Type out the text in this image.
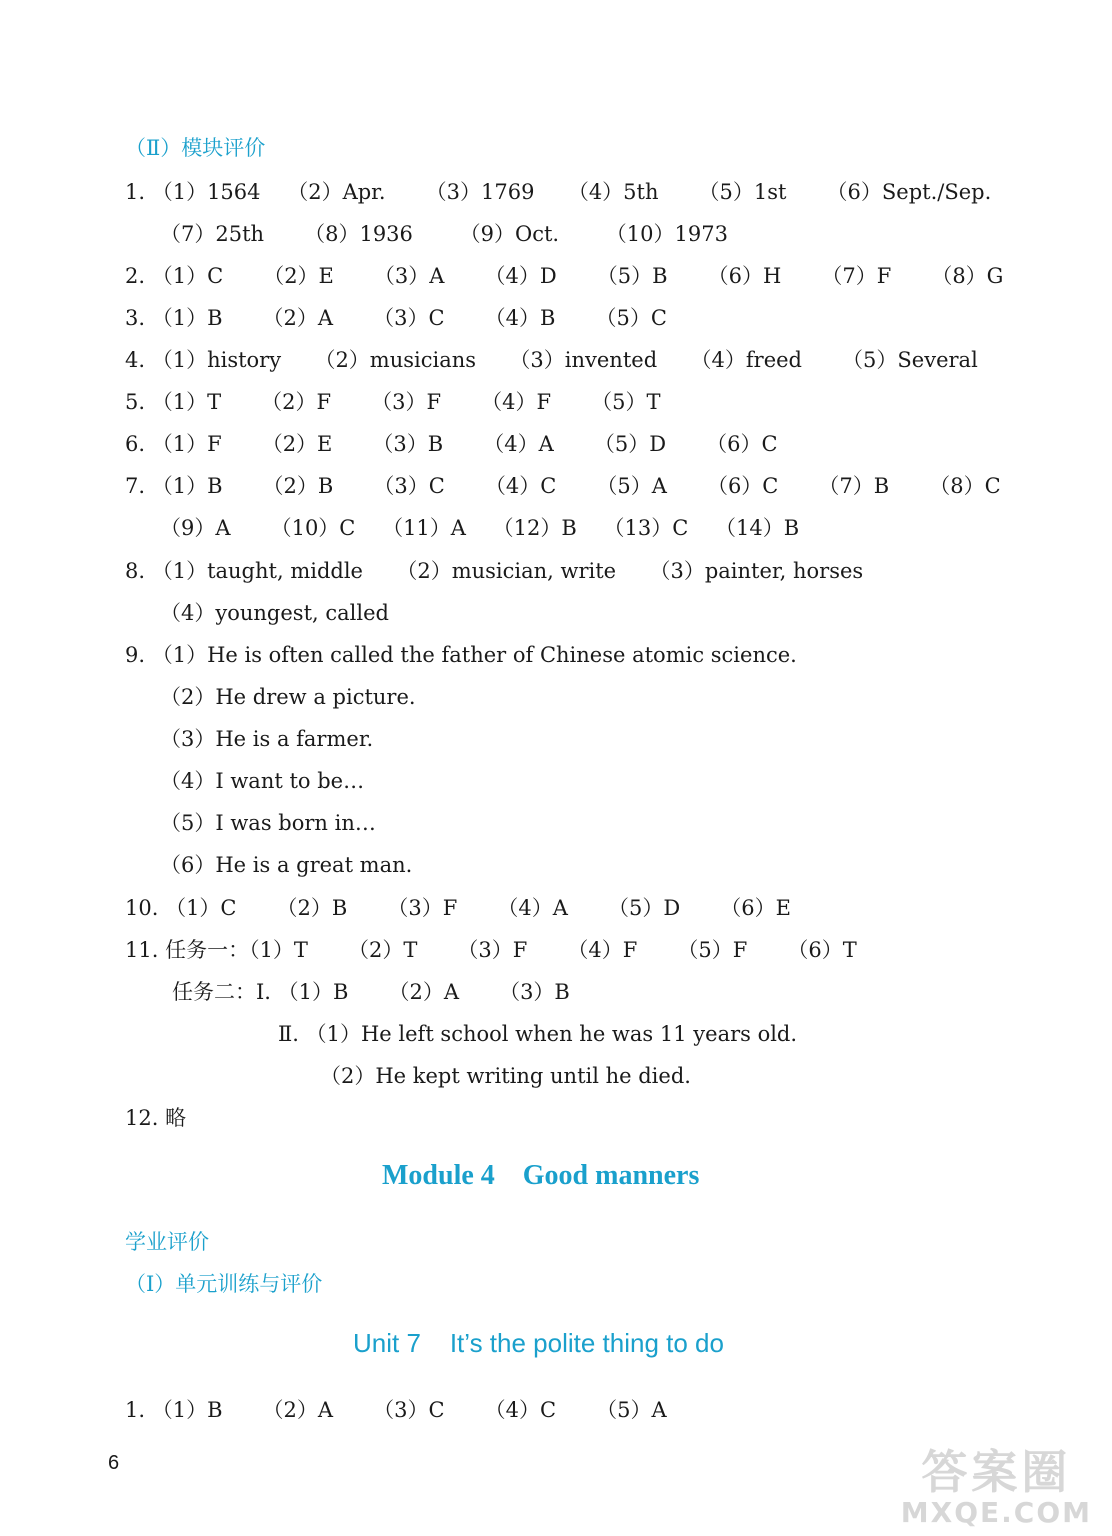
（Ⅱ）模块评价
1. （1）1564    （2）Apr.      （3）1769     （4）5th      （5）1st      （6）Sept./Sep.
（7）25th      （8）1936       （9）Oct.       （10）1973
2. （1）C      （2）E      （3）A      （4）D      （5）B      （6）H      （7）F      （8）G
3. （1）B      （2）A      （3）C      （4）B      （5）C
4. （1）history     （2）musicians     （3）invented     （4）freed      （5）Several
5. （1）T      （2）F      （3）F      （4）F      （5）T
6. （1）F      （2）E      （3）B      （4）A      （5）D      （6）C
7. （1）B      （2）B      （3）C      （4）C      （5）A      （6）C      （7）B      （8）C
（9）A      （10）C    （11）A    （12）B    （13）C    （14）B
8. （1）taught, middle     （2）musician, write     （3）painter, horses
（4）youngest, called
9. （1）He is often called the father of Chinese atomic science.
（2）He drew a picture.
（3）He is a farmer.
（4）I want to be…
（5）I was born in…
（6）He is a great man.
10. （1）C      （2）B      （3）F      （4）A      （5）D      （6）E
11. 任务一：（1）T      （2）T      （3）F      （4）F      （5）F      （6）T
任务二：Ⅰ. （1）B      （2）A      （3）B
Ⅱ. （1）He left school when he was 11 years old.
（2）He kept writing until he died.
12. 略
1. （1）B      （2）A      （3）C      （4）C      （5）A
Module 4    Good manners
学业评价
（Ⅰ）单元训练与评价
Unit 7    It’s the polite thing to do
6	答案圈
MXQE.COM
